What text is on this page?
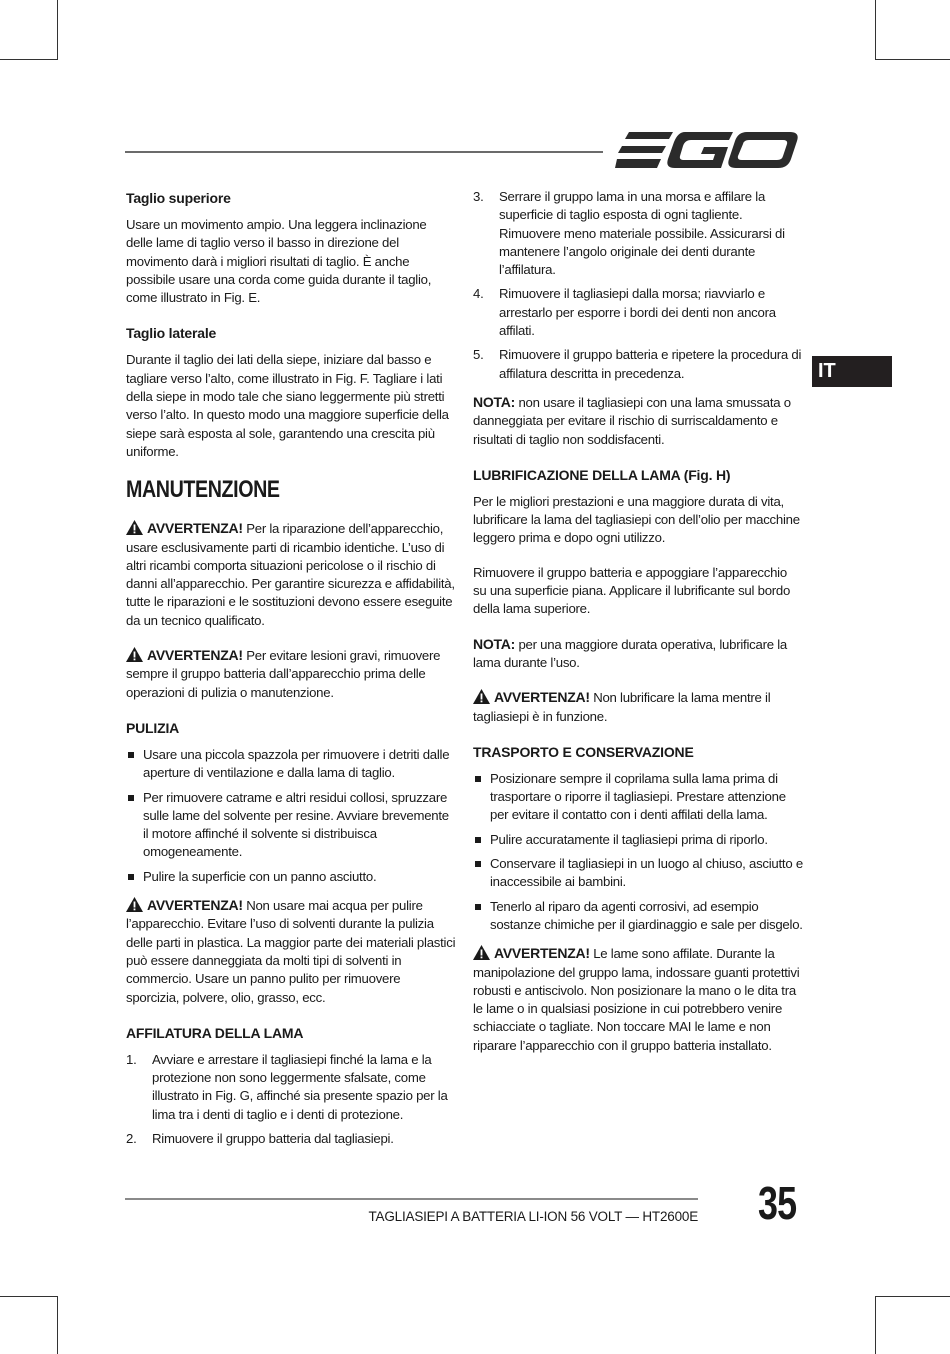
IT
Taglio superiore

Usare un movimento ampio. Una leggera inclinazione delle lame di taglio verso il basso in direzione del movimento darà i migliori risultati di taglio. È anche possibile usare una corda come guida durante il taglio, come illustrato in Fig. E.

Taglio laterale

Durante il taglio dei lati della siepe, iniziare dal basso e tagliare verso l’alto, come illustrato in Fig. F. Tagliare i lati della siepe in modo tale che siano leggermente più stretti verso l’alto. In questo modo una maggiore superficie della siepe sarà esposta al sole, garantendo una crescita più uniforme.

MANUTENZIONE

AVVERTENZA! Per la riparazione dell’apparecchio, usare esclusivamente parti di ricambio identiche. L’uso di altri ricambi comporta situazioni pericolose o il rischio di danni all’apparecchio. Per garantire sicurezza e affidabilità, tutte le riparazioni e le sostituzioni devono essere eseguite da un tecnico qualificato.

AVVERTENZA! Per evitare lesioni gravi, rimuovere sempre il gruppo batteria dall’apparecchio prima delle operazioni di pulizia o manutenzione.

PULIZIA
Usare una piccola spazzola per rimuovere i detriti dalle aperture di ventilazione e dalla lama di taglio.
Per rimuovere catrame e altri residui collosi, spruzzare sulle lame del solvente per resine. Avviare brevemente il motore affinché il solvente si distribuisca omogeneamente.
Pulire la superficie con un panno asciutto.

AVVERTENZA! Non usare mai acqua per pulire l’apparecchio. Evitare l’uso di solventi durante la pulizia delle parti in plastica. La maggior parte dei materiali plastici può essere danneggiata da molti tipi di solventi in commercio. Usare un panno pulito per rimuovere sporcizia, polvere, olio, grasso, ecc.

AFFILATURA DELLA LAMA
1. Avviare e arrestare il tagliasiepi finché la lama e la protezione non sono leggermente sfalsate, come illustrato in Fig. G, affinché sia presente spazio per la lima tra i denti di taglio e i denti di protezione.
2. Rimuovere il gruppo batteria dal tagliasiepi.
3. Serrare il gruppo lama in una morsa e affilare la superficie di taglio esposta di ogni tagliente. Rimuovere meno materiale possibile. Assicurarsi di mantenere l’angolo originale dei denti durante l’affilatura.
4. Rimuovere il tagliasiepi dalla morsa; riavviarlo e arrestarlo per esporre i bordi dei denti non ancora affilati.
5. Rimuovere il gruppo batteria e ripetere la procedura di affilatura descritta in precedenza.

NOTA: non usare il tagliasiepi con una lama smussata o danneggiata per evitare il rischio di surriscaldamento e risultati di taglio non soddisfacenti.

LUBRIFICAZIONE DELLA LAMA (Fig. H)

Per le migliori prestazioni e una maggiore durata di vita, lubrificare la lama del tagliasiepi con dell’olio per macchine leggero prima e dopo ogni utilizzo.

Rimuovere il gruppo batteria e appoggiare l’apparecchio su una superficie piana. Applicare il lubrificante sul bordo della lama superiore.

NOTA: per una maggiore durata operativa, lubrificare la lama durante l’uso.

AVVERTENZA! Non lubrificare la lama mentre il tagliasiepi è in funzione.

TRASPORTO E CONSERVAZIONE
Posizionare sempre il coprilama sulla lama prima di trasportare o riporre il tagliasiepi. Prestare attenzione per evitare il contatto con i denti affilati della lama.
Pulire accuratamente il tagliasiepi prima di riporlo.
Conservare il tagliasiepi in un luogo al chiuso, asciutto e inaccessibile ai bambini.
Tenerlo al riparo da agenti corrosivi, ad esempio sostanze chimiche per il giardinaggio e sale per disgelo.

AVVERTENZA! Le lame sono affilate. Durante la manipolazione del gruppo lama, indossare guanti protettivi robusti e antiscivolo. Non posizionare la mano o le dita tra le lame o in qualsiasi posizione in cui potrebbero venire schiacciate o tagliate. Non toccare MAI le lame e non riparare l’apparecchio con il gruppo batteria installato.

TAGLIASIEPI A BATTERIA LI-ION 56 VOLT — HT2600E 35
